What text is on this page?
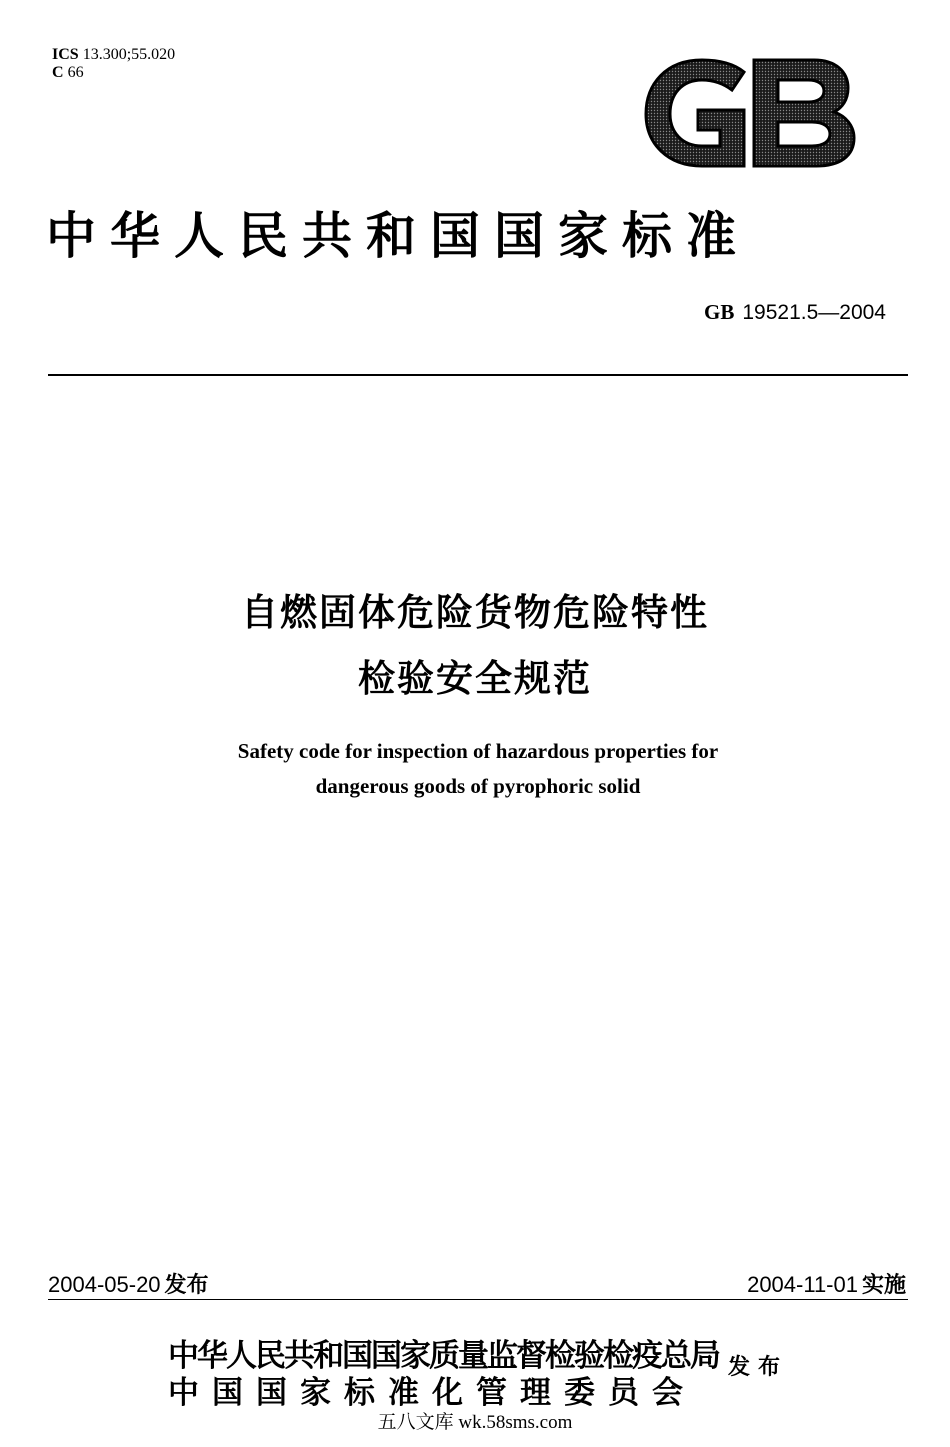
ICS 13.300;55.020
C 66
中华人民共和国国家标准
GB 19521.5—2004
自燃固体危险货物危险特性
检验安全规范
Safety code for inspection of hazardous properties for
dangerous goods of pyrophoric solid
2004-05-20 发布	2004-11-01 实施
中华人民共和国国家质量监督检验检疫总局
中国国家标准化管理委员会
发布
五八文库 wk.58sms.com
